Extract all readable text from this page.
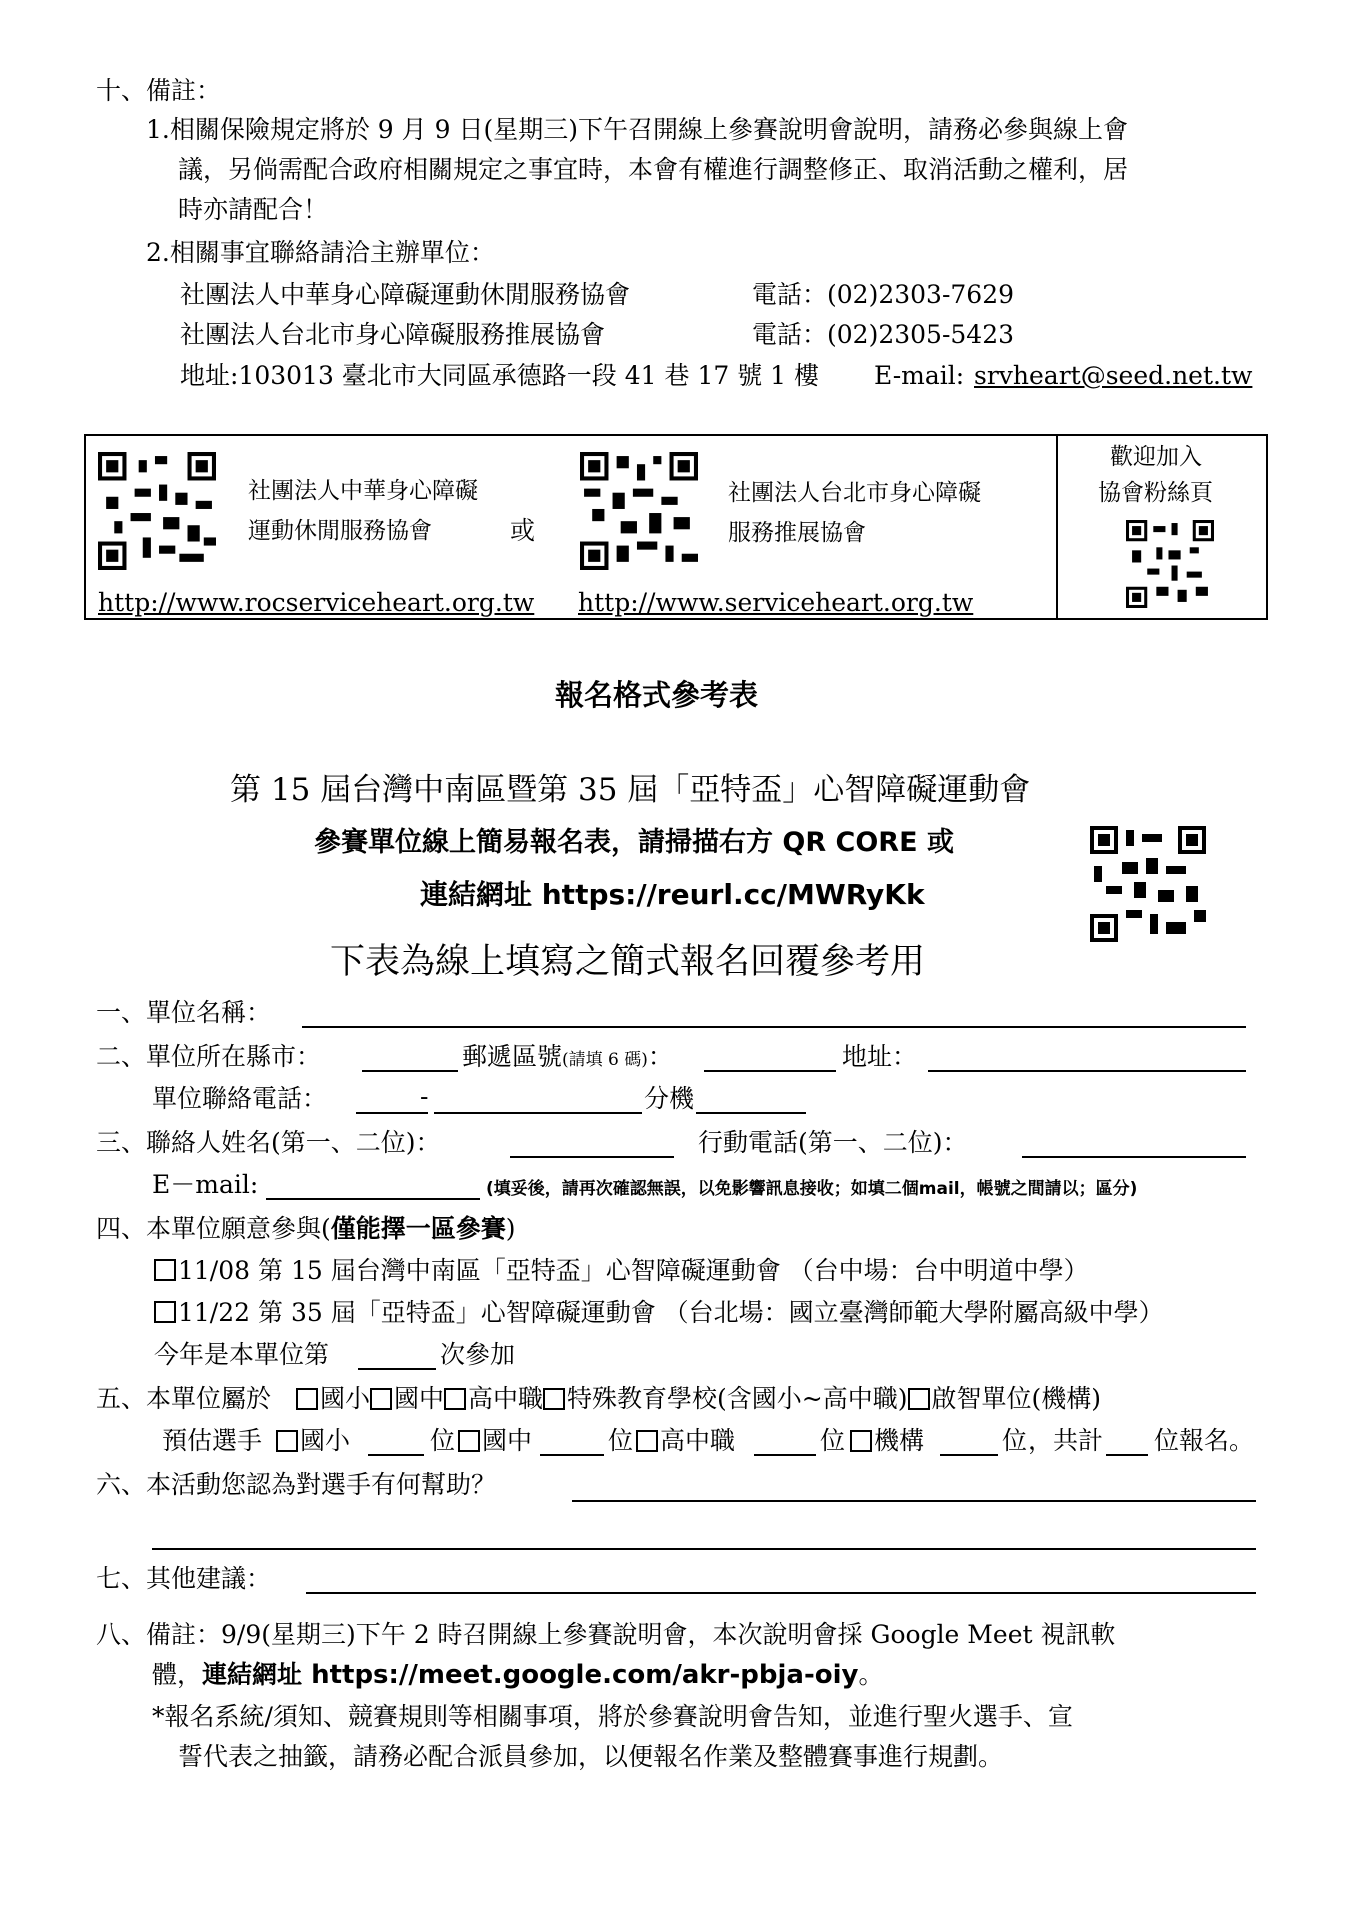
十、備註：
1.相關保險規定將於 9 月 9 日(星期三)下午召開線上參賽說明會說明，請務必參與線上會
議，另倘需配合政府相關規定之事宜時，本會有權進行調整修正、取消活動之權利，居
時亦請配合！
2.相關事宜聯絡請洽主辦單位：
社團法人中華身心障礙運動休閒服務協會	電話：(02)2303-7629
社團法人台北市身心障礙服務推展協會	電話：(02)2305-5423
地址:103013 臺北市大同區承德路一段 41 巷 17 號 1 樓 E-mail: srvheart@seed.net.tw
社團法人中華身心障礙
運動休閒服務協會	或
社團法人台北市身心障礙
服務推展協會
http://www.rocserviceheart.org.tw http://www.serviceheart.org.tw
歡迎加入
協會粉絲頁
報名格式參考表
第 15 屆台灣中南區暨第 35 屆「亞特盃」心智障礙運動會
參賽單位線上簡易報名表，請掃描右方 QR CORE 或
連結網址 https://reurl.cc/MWRyKk
下表為線上填寫之簡式報名回覆參考用
一、單位名稱：
二、單位所在縣市：	郵遞區號(請填 6 碼)：	地址：
單位聯絡電話：	-	分機
三、聯絡人姓名(第一、二位)：	行動電話(第一、二位)：
E－mail:	(填妥後，請再次確認無誤，以免影響訊息接收；如填二個mail，帳號之間請以；區分)
四、本單位願意參與(僅能擇一區參賽)
11/08 第 15 屆台灣中南區「亞特盃」心智障礙運動會 （台中場：台中明道中學）
11/22 第 35 屆「亞特盃」心智障礙運動會 （台北場：國立臺灣師範大學附屬高級中學）
今年是本單位第	次參加
五、本單位屬於	國小 國中 高中職 特殊教育學校(含國小~高中職) 啟智單位(機構)
預估選手 國小	位 國中	位 高中職	位 機構	位 ，共計 位報名。
六、本活動您認為對選手有何幫助？
七、其他建議：
八、備註：9/9(星期三)下午 2 時召開線上參賽說明會，本次說明會採 Google Meet 視訊軟
體，連結網址 https://meet.google.com/akr-pbja-oiy。
*報名系統/須知、競賽規則等相關事項，將於參賽說明會告知，並進行聖火選手、宣
誓代表之抽籤，請務必配合派員參加，以便報名作業及整體賽事進行規劃。
